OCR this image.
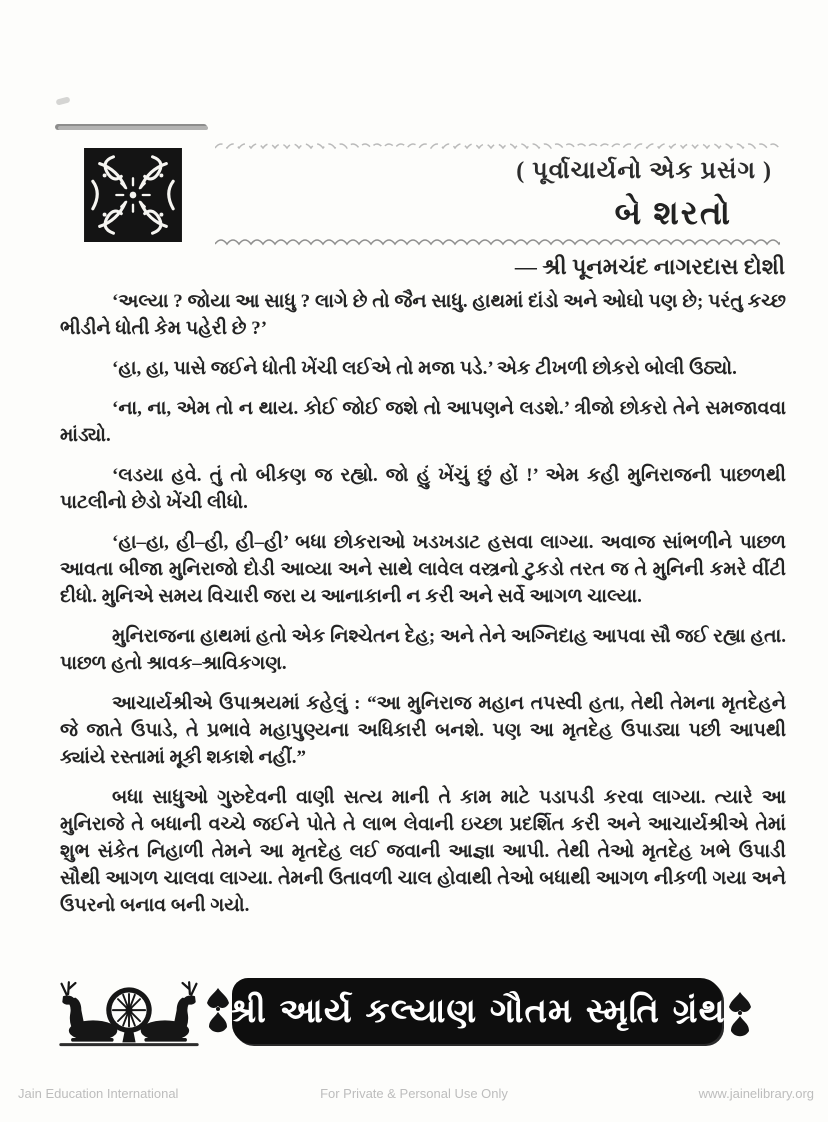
( પૂર્વાચાર્યનો એક પ્રસંગ )
બે શરતો
— શ્રી પૂનમચંદ નાગરદાસ દોશી

‘અલ્યા ? જોયા આ સાધુ ? લાગે છે તો જૈન સાધુ. હાથમાં દાંડો અને ઓઘો પણ છે; પરંતુ કચ્છ ભીડીને ધોતી કેમ પહેરી છે ?’

‘હા, હા, પાસે જઈને ધોતી ખેંચી લઈએ તો મજા પડે.’ એક ટીખળી છોકરો બોલી ઉઠ્યો.

‘ના, ના, એમ તો ન થાય. કોઈ જોઈ જશે તો આપણને લડશે.’ ત્રીજો છોકરો તેને સમજાવવા માંડ્યો.

‘લડયા હવે. તું તો બીકણ જ રહ્યો. જો હું ખેંચું છું હોં !’ એમ કહી મુનિરાજની પાછળથી પાટલીનો છેડો ખેંચી લીધો.

‘હા–હા, હી–હી, હી–હી’ બધા છોકરાઓ ખડખડાટ હસવા લાગ્યા. અવાજ સાંભળીને પાછળ આવતા બીજા મુનિરાજો દોડી આવ્યા અને સાથે લાવેલ વસ્ત્રનો ટુકડો તરત જ તે મુનિની કમરે વીંટી દીધો. મુનિએ સમય વિચારી જરા ય આનાકાની ન કરી અને સર્વે આગળ ચાલ્યા.

મુનિરાજના હાથમાં હતો એક નિશ્ચેતન દેહ; અને તેને અગ્નિદાહ આપવા સૌ જઈ રહ્યા હતા. પાછળ હતો શ્રાવક–શ્રાવિકગણ.

આચાર્યશ્રીએ ઉપાશ્રયમાં કહેલું : “આ મુનિરાજ મહાન તપસ્વી હતા, તેથી તેમના મૃતદેહને જે જાતે ઉપાડે, તે પ્રભાવે મહાપુણ્યના અધિકારી બનશે. પણ આ મૃતદેહ ઉપાડ્યા પછી આપથી ક્યાંયે રસ્તામાં મૂકી શકાશે નહીં.”

બધા સાધુઓ ગુરુદેવની વાણી સત્ય માની તે કામ માટે પડાપડી કરવા લાગ્યા. ત્યારે આ મુનિરાજે તે બધાની વચ્ચે જઈને પોતે તે લાભ લેવાની ઇચ્છા પ્રદર્શિત કરી અને આચાર્યશ્રીએ તેમાં શુભ સંકેત નિહાળી તેમને આ મૃતદેહ લઈ જવાની આજ્ઞા આપી. તેથી તેઓ મૃતદેહ ખભે ઉપાડી સૌથી આગળ ચાલવા લાગ્યા. તેમની ઉતાવળી ચાલ હોવાથી તેઓ બધાથી આગળ નીકળી ગયા અને ઉપરનો બનાવ બની ગયો.

શ્રી આર્ય કલ્યાણ ગૌતમ સ્મૃતિ ગ્રંથ
Jain Education International	For Private & Personal Use Only	www.jainelibrary.org
